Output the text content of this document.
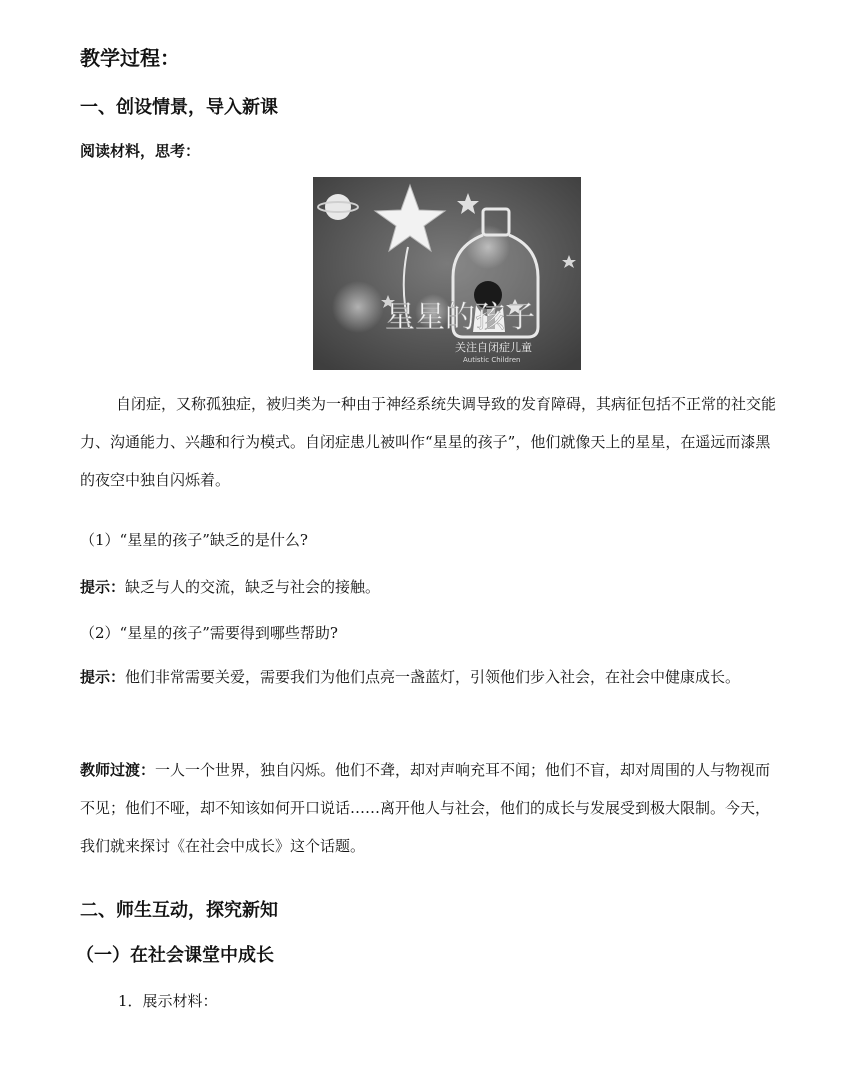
教学过程：
一、创设情景，导入新课
阅读材料，思考：
星星的孩子
关注自闭症儿童
Autistic Children
自闭症，又称孤独症，被归类为一种由于神经系统失调导致的发育障碍，其病征包括不正常的社交能力、沟通能力、兴趣和行为模式。自闭症患儿被叫作“星星的孩子”，他们就像天上的星星，在遥远而漆黑的夜空中独自闪烁着。
（1）“星星的孩子”缺乏的是什么?
提示：缺乏与人的交流，缺乏与社会的接触。
（2）“星星的孩子”需要得到哪些帮助?
提示：他们非常需要关爱，需要我们为他们点亮一盏蓝灯，引领他们步入社会，在社会中健康成长。
教师过渡：一人一个世界，独自闪烁。他们不聋，却对声响充耳不闻；他们不盲，却对周围的人与物视而不见；他们不哑，却不知该如何开口说话……离开他人与社会，他们的成长与发展受到极大限制。今天，我们就来探讨《在社会中成长》这个话题。
二、师生互动，探究新知
（一）在社会课堂中成长
1．展示材料：
